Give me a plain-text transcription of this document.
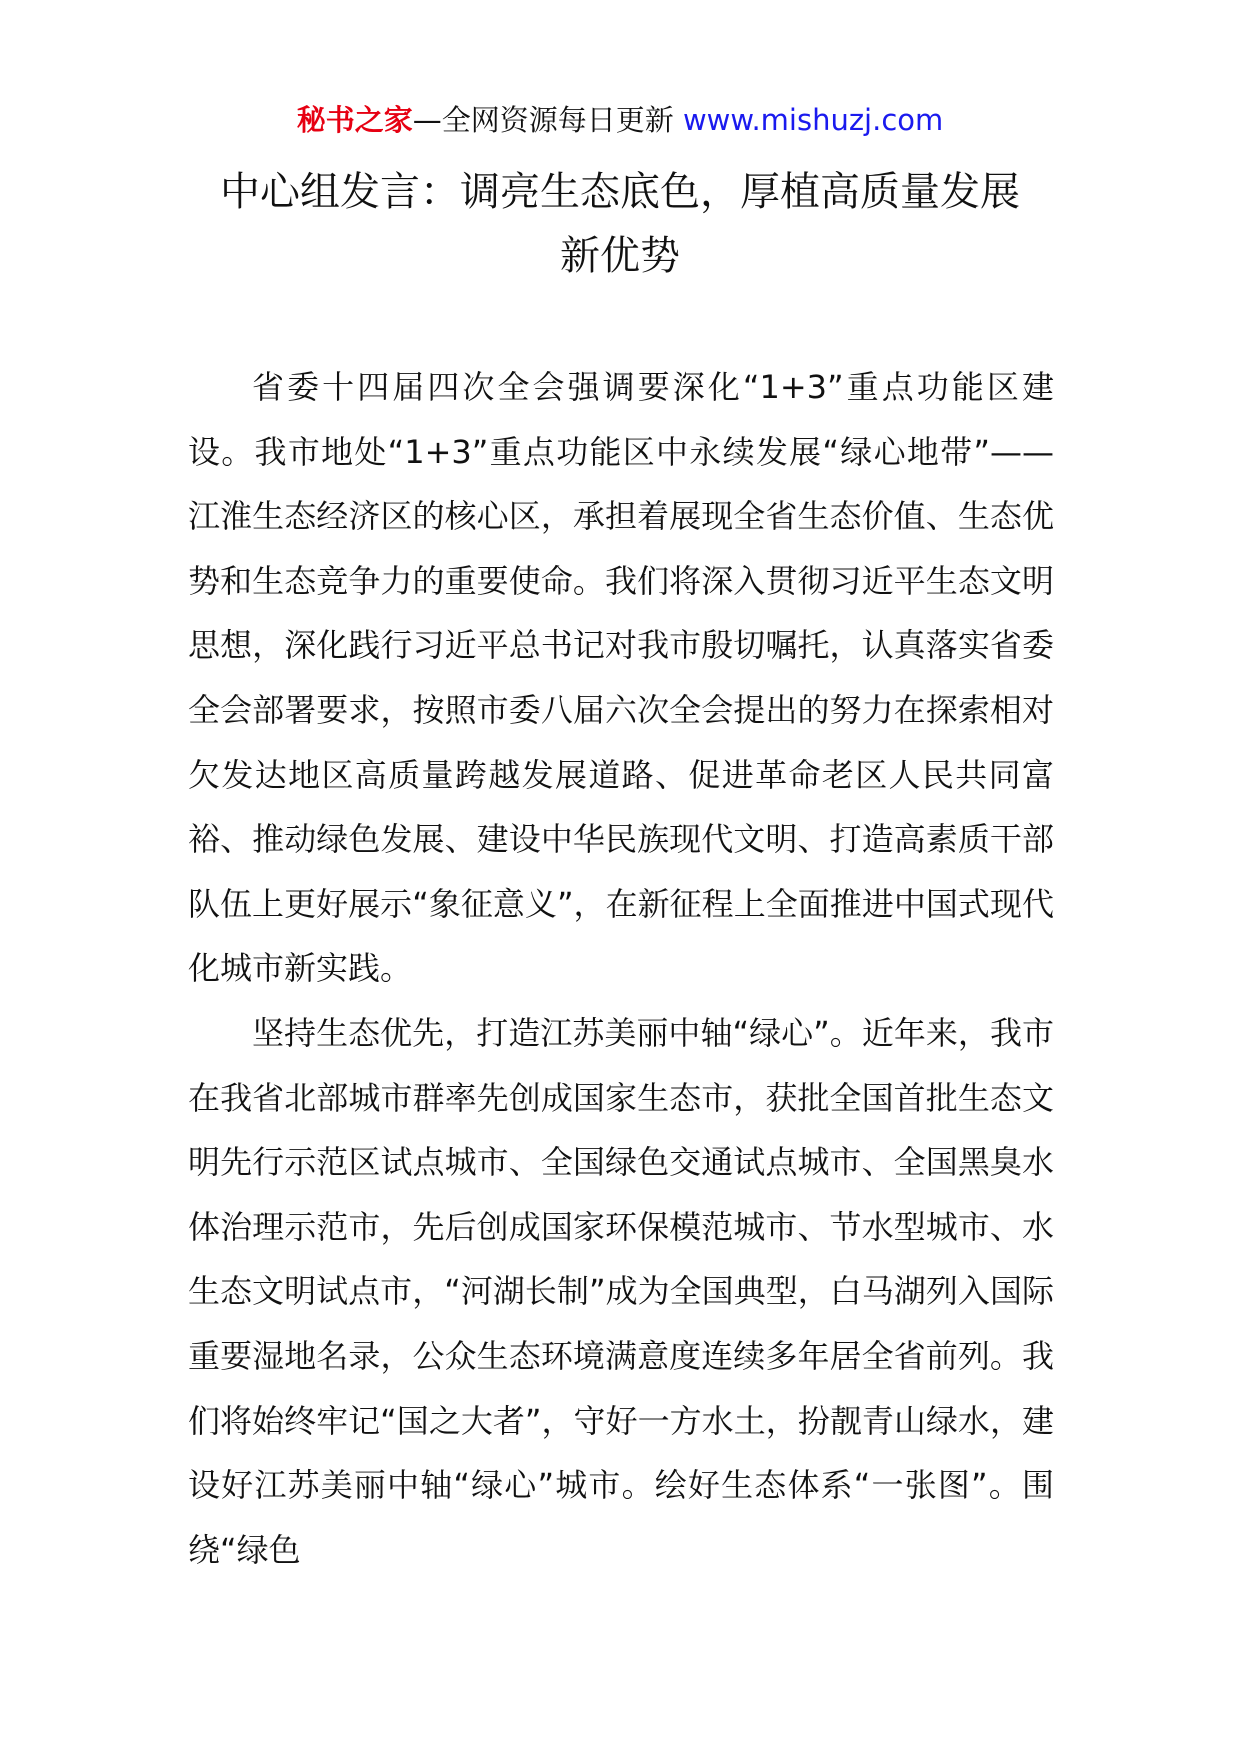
秘书之家—全网资源每日更新 www.mishuzj.com
中心组发言：调亮生态底色，厚植高质量发展
新优势

省委十四届四次全会强调要深化“1+3”重点功能区建设。我市地处“1+3”重点功能区中永续发展“绿心地带”——江淮生态经济区的核心区，承担着展现全省生态价值、生态优势和生态竞争力的重要使命。我们将深入贯彻习近平生态文明思想，深化践行习近平总书记对我市殷切嘱托，认真落实省委全会部署要求，按照市委八届六次全会提出的努力在探索相对欠发达地区高质量跨越发展道路、促进革命老区人民共同富裕、推动绿色发展、建设中华民族现代文明、打造高素质干部队伍上更好展示“象征意义”，在新征程上全面推进中国式现代化城市新实践。

坚持生态优先，打造江苏美丽中轴“绿心”。近年来，我市在我省北部城市群率先创成国家生态市，获批全国首批生态文明先行示范区试点城市、全国绿色交通试点城市、全国黑臭水体治理示范市，先后创成国家环保模范城市、节水型城市、水生态文明试点市，“河湖长制”成为全国典型，白马湖列入国际重要湿地名录，公众生态环境满意度连续多年居全省前列。我们将始终牢记“国之大者”，守好一方水土，扮靓青山绿水，建设好江苏美丽中轴“绿心”城市。绘好生态体系“一张图”。围绕“绿色
